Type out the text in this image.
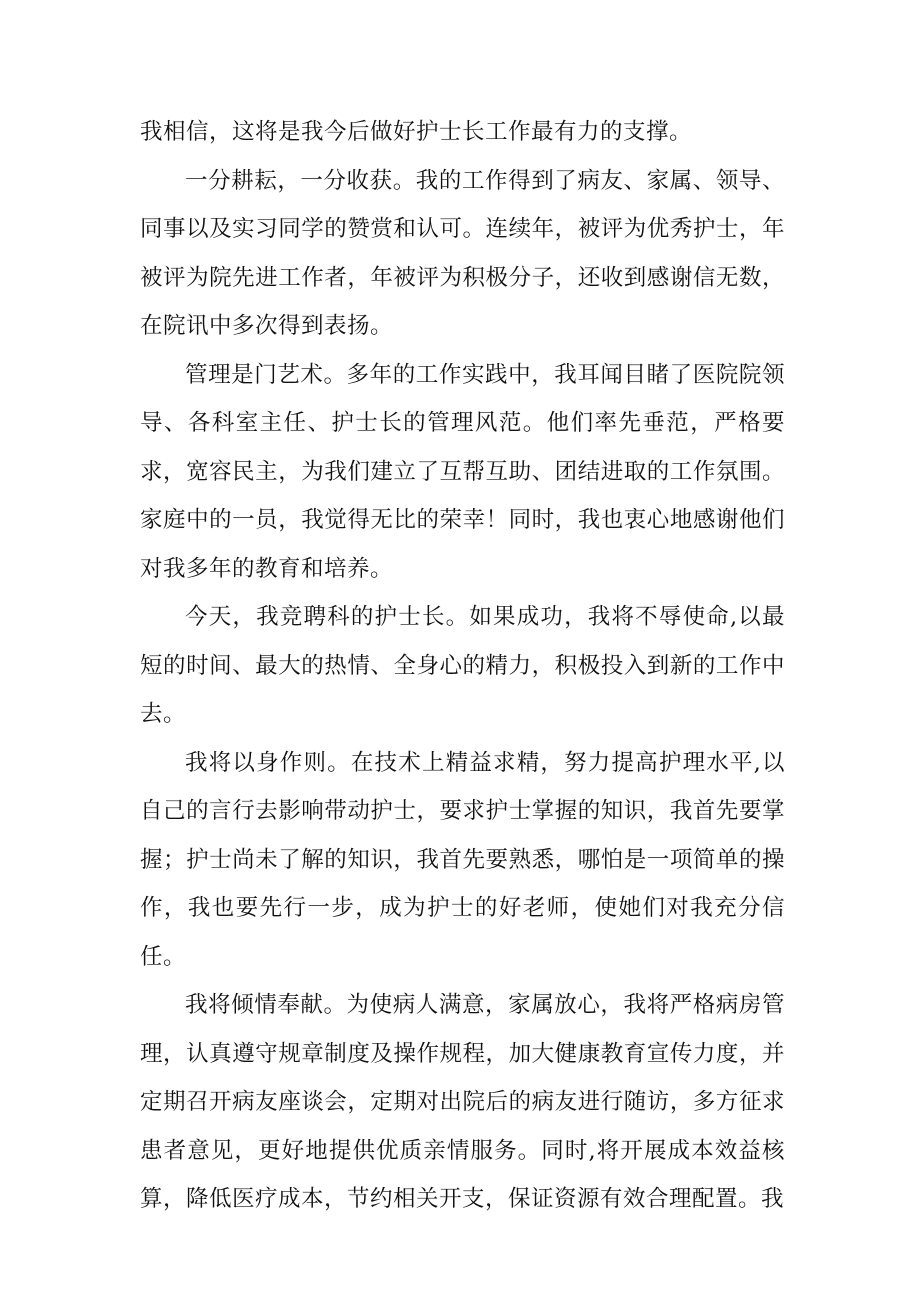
我相信，这将是我今后做好护士长工作最有力的支撑。

一分耕耘，一分收获。我的工作得到了病友、家属、领导、同事以及实习同学的赞赏和认可。连续年，被评为优秀护士，年被评为院先进工作者，年被评为积极分子，还收到感谢信无数，在院讯中多次得到表扬。

管理是门艺术。多年的工作实践中，我耳闻目睹了医院院领导、各科室主任、护士长的管理风范。他们率先垂范，严格要求，宽容民主，为我们建立了互帮互助、团结进取的工作氛围。家庭中的一员，我觉得无比的荣幸！同时，我也衷心地感谢他们对我多年的教育和培养。

今天，我竞聘科的护士长。如果成功，我将不辱使命,以最短的时间、最大的热情、全身心的精力，积极投入到新的工作中去。

我将以身作则。在技术上精益求精，努力提高护理水平,以自己的言行去影响带动护士，要求护士掌握的知识，我首先要掌握；护士尚未了解的知识，我首先要熟悉，哪怕是一项简单的操作，我也要先行一步，成为护士的好老师，使她们对我充分信任。

我将倾情奉献。为使病人满意，家属放心，我将严格病房管理，认真遵守规章制度及操作规程，加大健康教育宣传力度，并定期召开病友座谈会，定期对出院后的病友进行随访，多方征求患者意见，更好地提供优质亲情服务。同时,将开展成本效益核算，降低医疗成本，节约相关开支，保证资源有效合理配置。我
